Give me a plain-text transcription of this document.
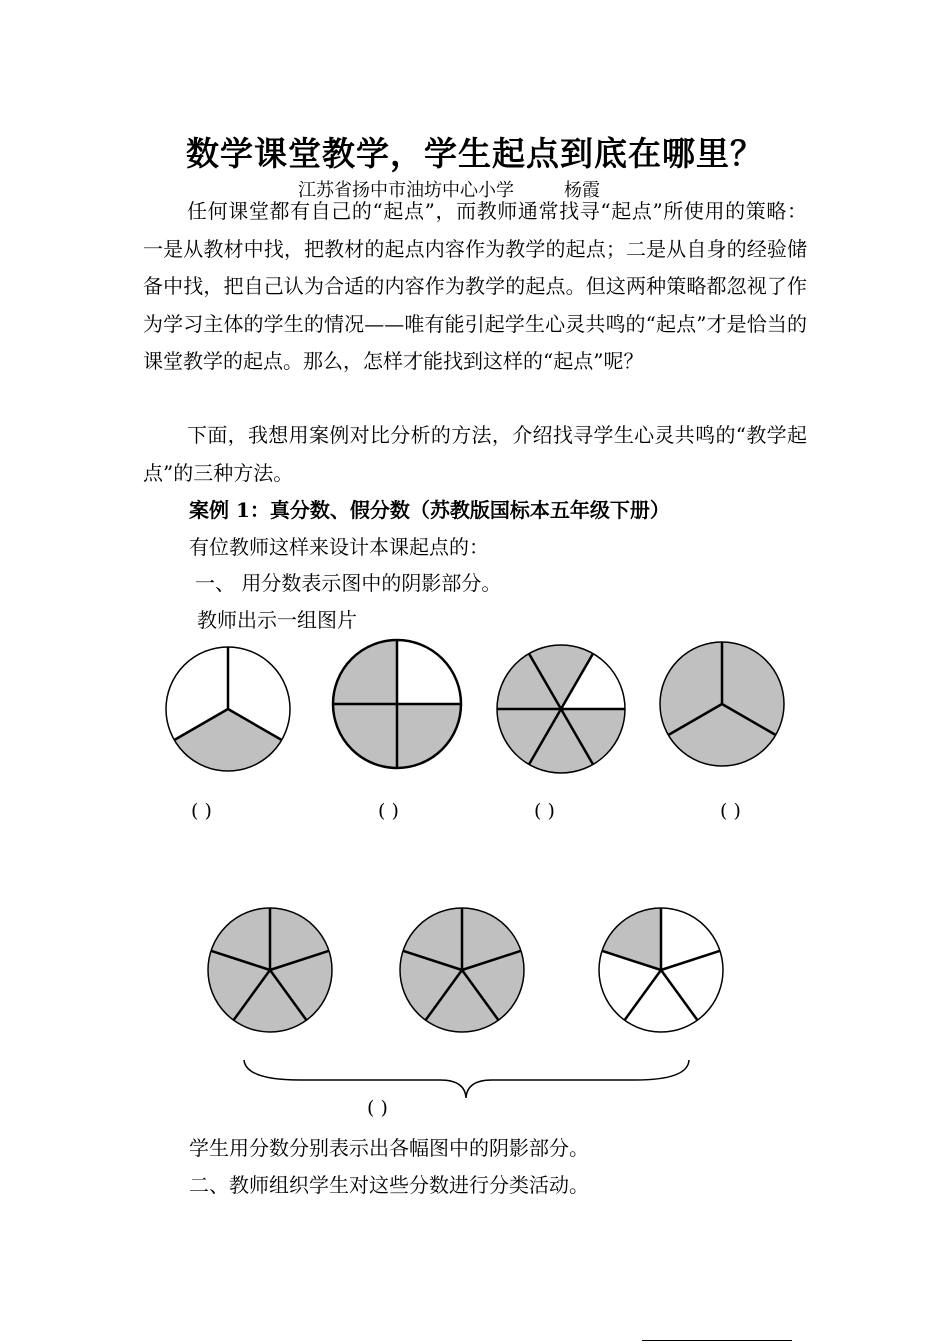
数学课堂教学，学生起点到底在哪里？
江苏省扬中市油坊中心小学	杨霞

任何课堂都有自己的“起点”，而教师通常找寻“起点”所使用的策略：一是从教材中找，把教材的起点内容作为教学的起点；二是从自身的经验储备中找，把自己认为合适的内容作为教学的起点。但这两种策略都忽视了作为学习主体的学生的情况——唯有能引起学生心灵共鸣的“起点”才是恰当的课堂教学的起点。那么，怎样才能找到这样的“起点”呢？

下面，我想用案例对比分析的方法，介绍找寻学生心灵共鸣的“教学起点”的三种方法。

案例 1：真分数、假分数（苏教版国标本五年级下册）
有位教师这样来设计本课起点的：
一、 用分数表示图中的阴影部分。
教师出示一组图片
( )	( )	( )	( )
( )
学生用分数分别表示出各幅图中的阴影部分。
二、教师组织学生对这些分数进行分类活动。
